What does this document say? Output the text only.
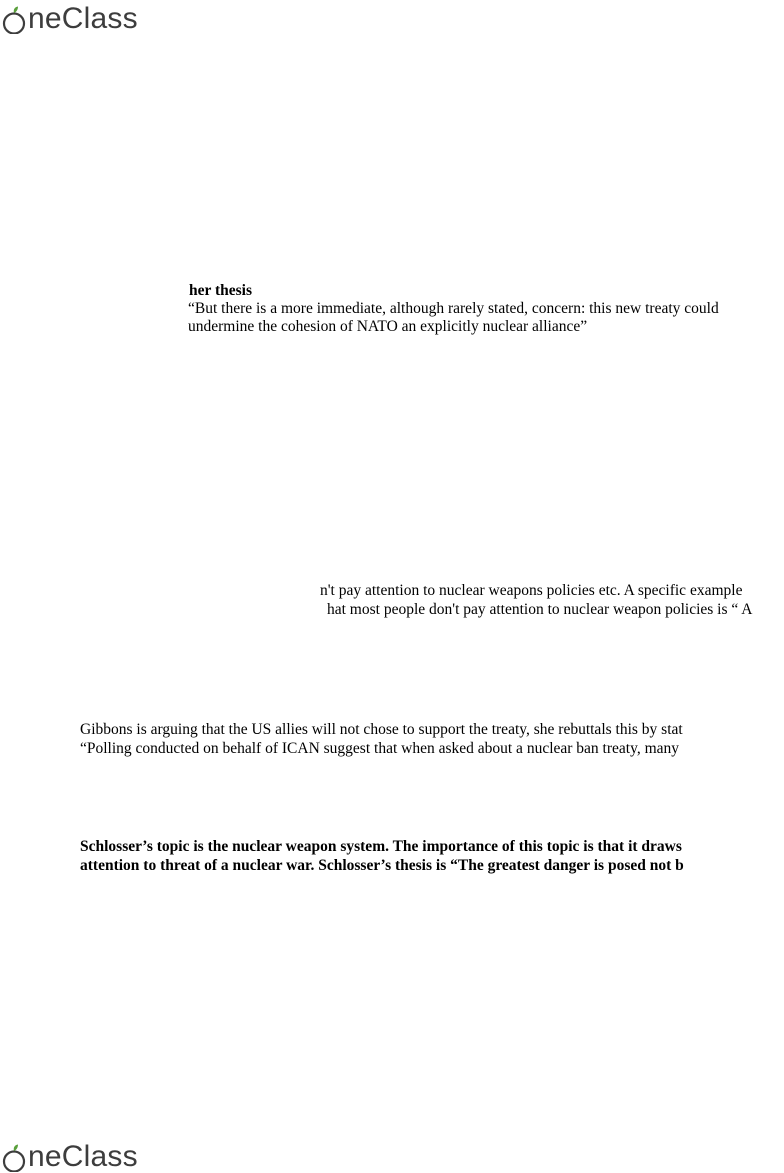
neClass
her thesis
“But there is a more immediate, although rarely stated, concern: this new treaty could
undermine the cohesion of NATO an explicitly nuclear alliance”
n't pay attention to nuclear weapons policies etc. A specific example
hat most people don't pay attention to nuclear weapon policies is “ A
Gibbons is arguing that the US allies will not chose to support the treaty, she rebuttals this by stat
“Polling conducted on behalf of ICAN suggest that when asked about a nuclear ban treaty, many
Schlosser’s topic is the nuclear weapon system. The importance of this topic is that it draws
attention to threat of a nuclear war. Schlosser’s thesis is “The greatest danger is posed not b
neClass
